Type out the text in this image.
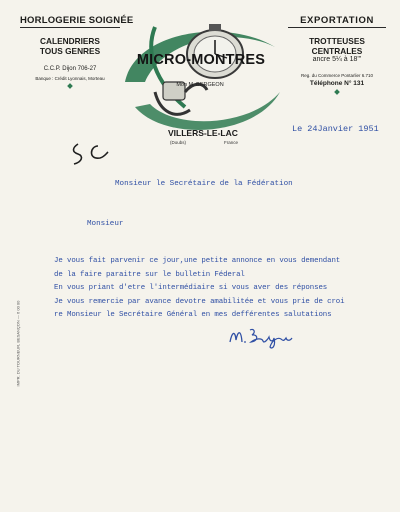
HORLOGERIE SOIGNÉE
CALENDRIERS
TOUS GENRES
C.C.P. Dijon 706-27
Banque : Crédit Lyonnais, Morteau
EXPORTATION
TROTTEUSES
CENTRALES
ancre 5¼ à 18'''
Reg. du Commerce Pontarlier 6.710
Téléphone N° 131
MICRO-MONTRES
Mon M. BERGEON
VILLERS-LE-LAC
(Doubs)	France
IMPR. DU TOURNEUR, BESANÇON — 6 00 00
Le 24Janvier 1951
Monsieur le Secrétaire de la Fédération
Monsieur
Je vous fait parvenir ce jour,une petite annonce en vous demendant
de la faire paraitre sur le bulletin Féderal
En vous priant d'etre l'intermédiaire si vous aver des réponses
Je vous remercie par avance devotre amabilitée et vous prie de croi
re Monsieur le Secrétaire Général en mes defférentes salutations
